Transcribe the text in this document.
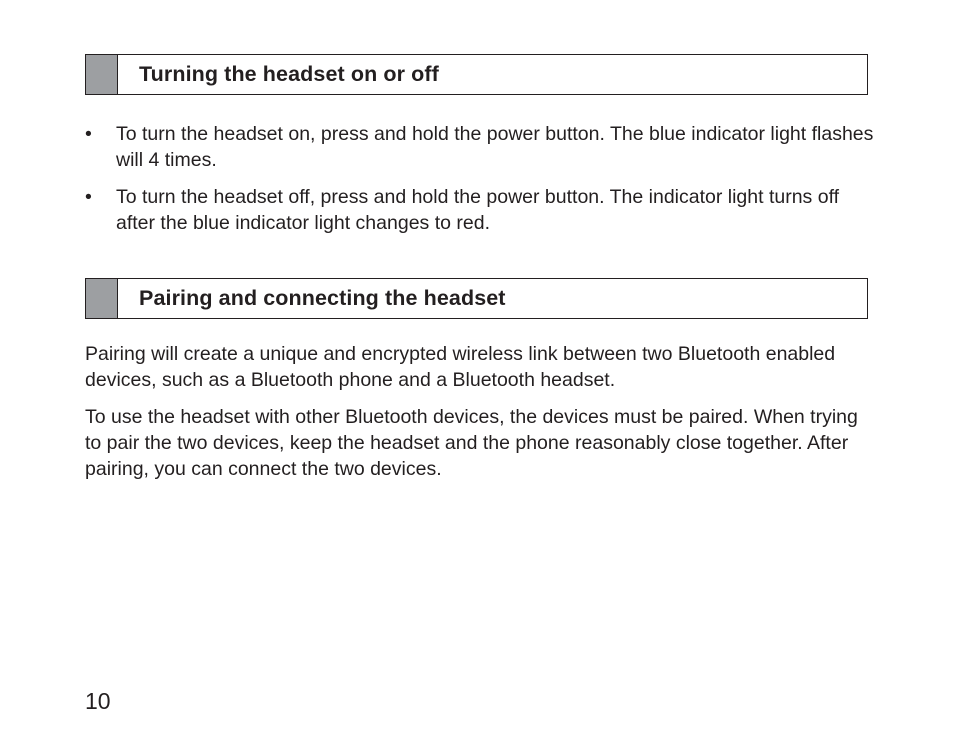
Turning the headset on or off
• To turn the headset on, press and hold the power button. The blue indicator light flashes will 4 times.
• To turn the headset off, press and hold the power button. The indicator light turns off after the blue indicator light changes to red.
Pairing and connecting the headset

Pairing will create a unique and encrypted wireless link between two Bluetooth enabled devices, such as a Bluetooth phone and a Bluetooth headset.

To use the headset with other Bluetooth devices, the devices must be paired. When trying to pair the two devices, keep the headset and the phone reasonably close together. After pairing, you can connect the two devices.

10
